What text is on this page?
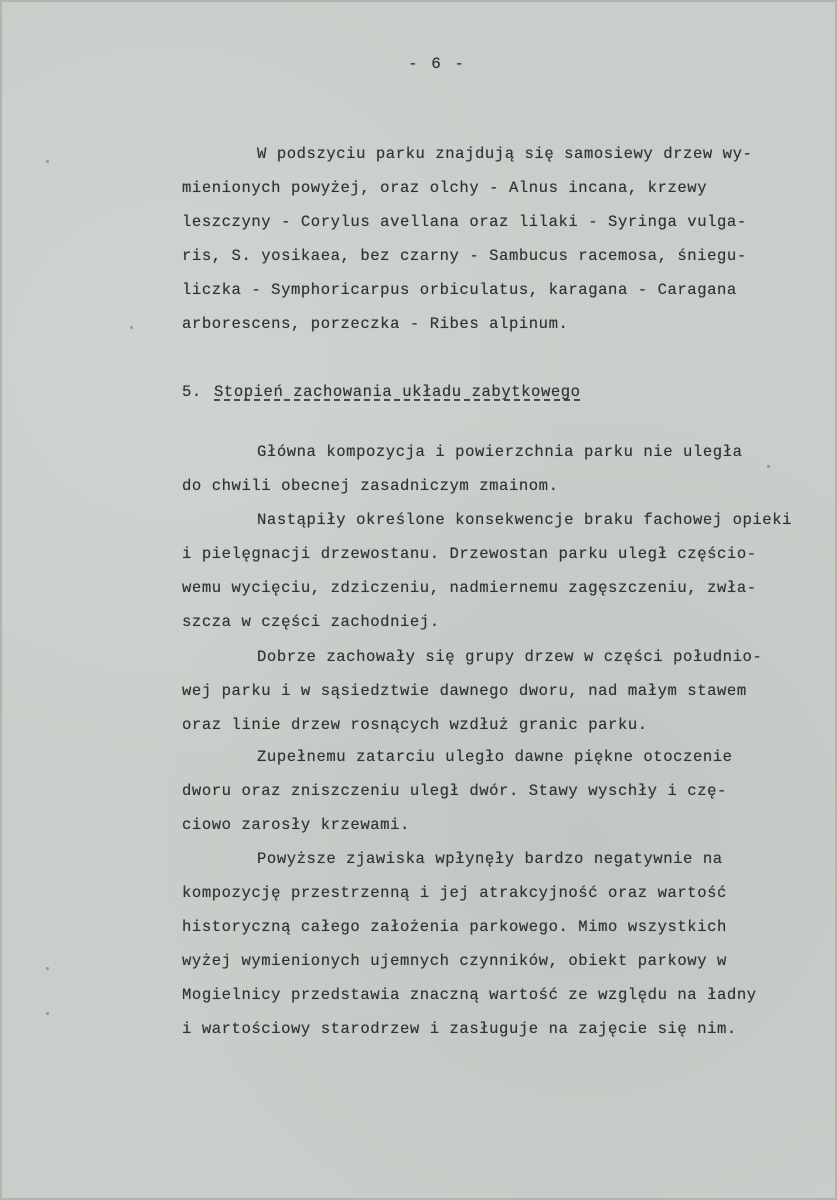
- 6 -
W podszyciu parku znajdują się samosiewy drzew wy-
mienionych powyżej, oraz olchy - Alnus incana, krzewy
leszczyny - Corylus avellana oraz lilaki - Syringa vulga-
ris, S. yosikaea, bez czarny - Sambucus racemosa, śniegu-
liczka - Symphoricarpus orbiculatus, karagana - Caragana
arborescens, porzeczka - Ribes alpinum.
5. Stopień zachowania układu zabytkowego
Główna kompozycja i powierzchnia parku nie uległa
do chwili obecnej zasadniczym zmainom.
Nastąpiły określone konsekwencje braku fachowej opieki
i pielęgnacji drzewostanu. Drzewostan parku uległ częścio-
wemu wycięciu, zdziczeniu, nadmiernemu zagęszczeniu, zwła-
szcza w części zachodniej.
Dobrze zachowały się grupy drzew w części południo-
wej parku i w sąsiedztwie dawnego dworu, nad małym stawem
oraz linie drzew rosnących wzdłuż granic parku.
Zupełnemu zatarciu uległo dawne piękne otoczenie
dworu oraz zniszczeniu uległ dwór. Stawy wyschły i czę-
ciowo zarosły krzewami.
Powyższe zjawiska wpłynęły bardzo negatywnie na
kompozycję przestrzenną i jej atrakcyjność oraz wartość
historyczną całego założenia parkowego. Mimo wszystkich
wyżej wymienionych ujemnych czynników, obiekt parkowy w
Mogielnicy przedstawia znaczną wartość ze względu na ładny
i wartościowy starodrzew i zasługuje na zajęcie się nim.
